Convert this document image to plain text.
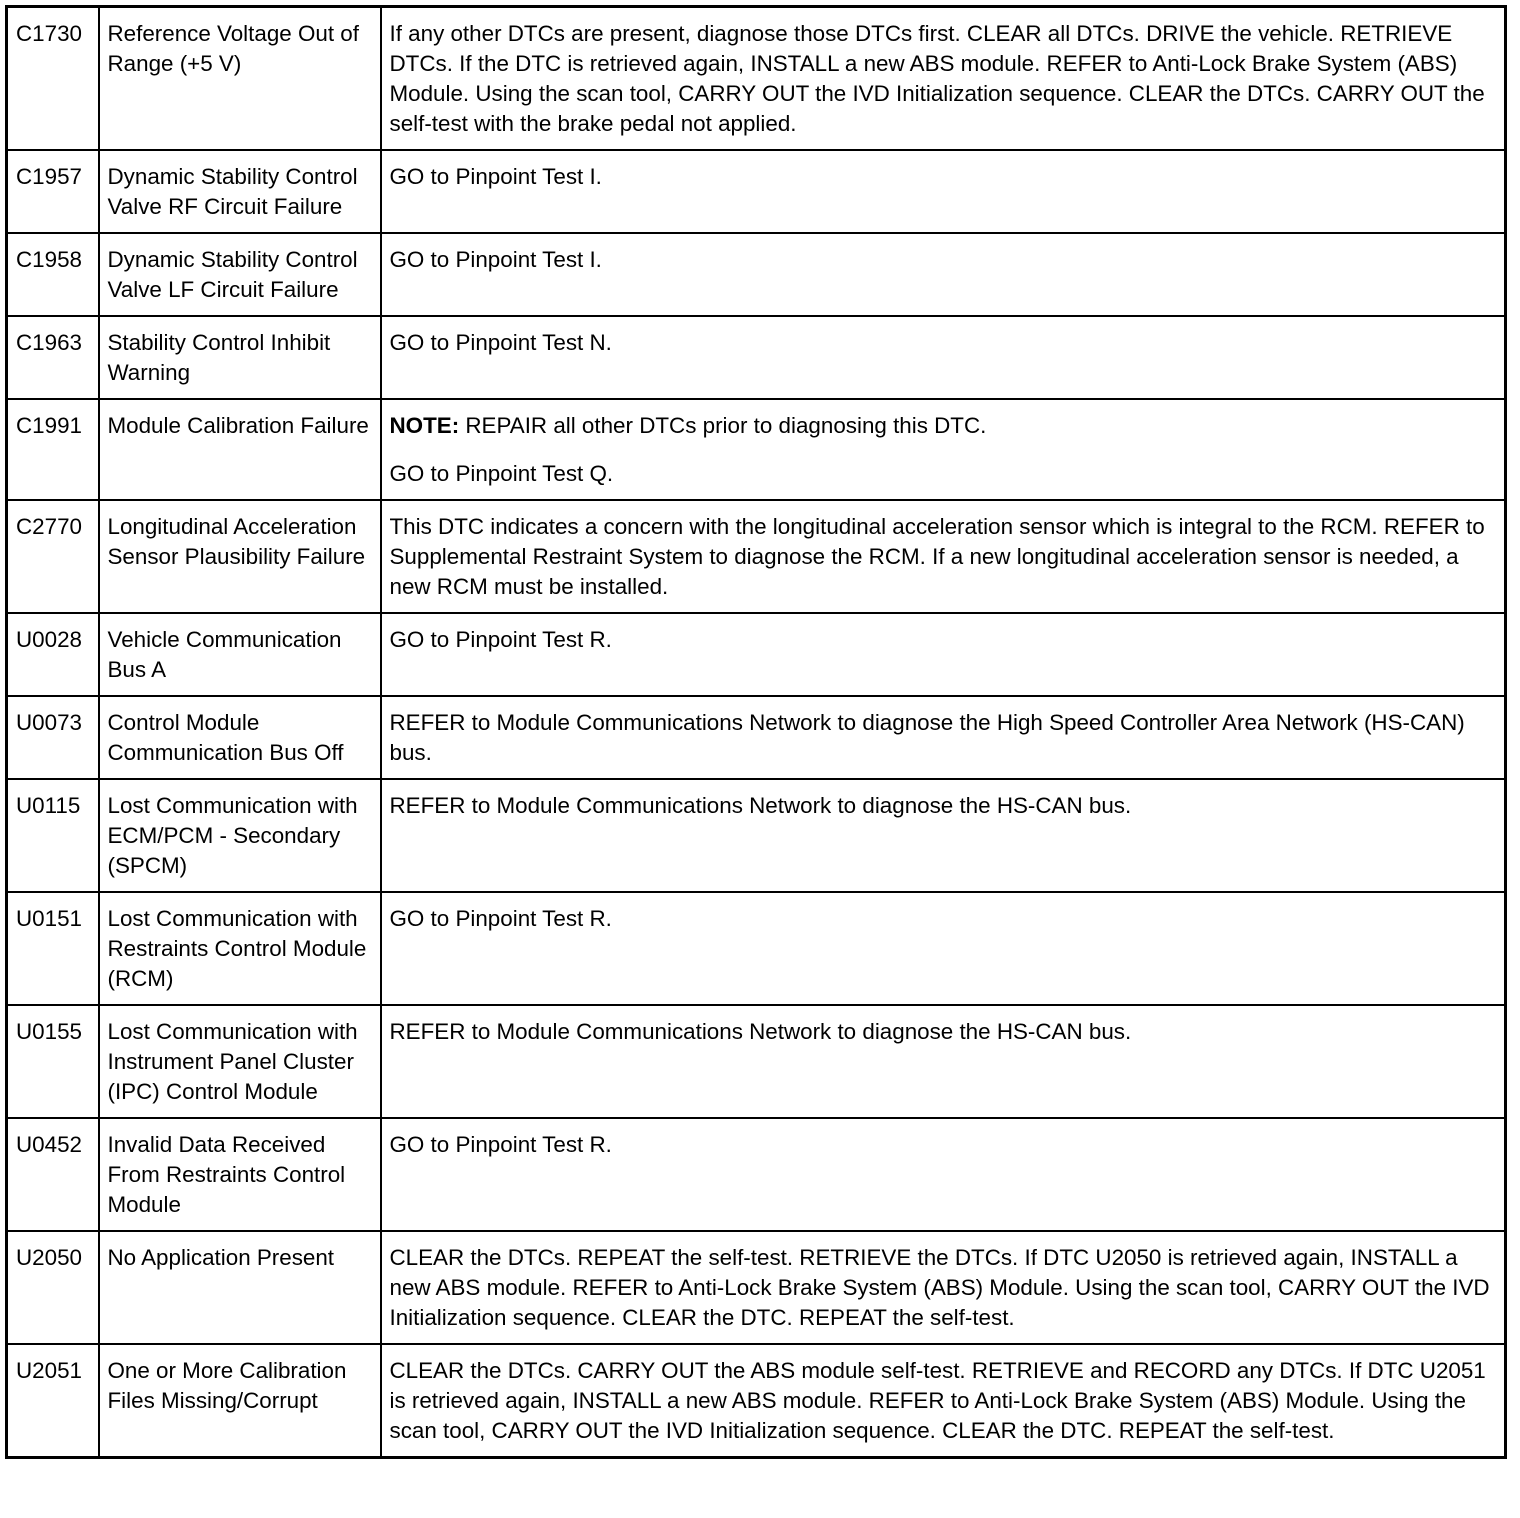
C1730	Reference Voltage Out of Range (+5 V)	If any other DTCs are present, diagnose those DTCs first. CLEAR all DTCs. DRIVE the vehicle. RETRIEVE DTCs. If the DTC is retrieved again, INSTALL a new ABS module. REFER to Anti-Lock Brake System (ABS) Module. Using the scan tool, CARRY OUT the IVD Initialization sequence. CLEAR the DTCs. CARRY OUT the self-test with the brake pedal not applied.
C1957	Dynamic Stability Control Valve RF Circuit Failure	GO to Pinpoint Test I.
C1958	Dynamic Stability Control Valve LF Circuit Failure	GO to Pinpoint Test I.
C1963	Stability Control Inhibit Warning	GO to Pinpoint Test N.
C1991	Module Calibration Failure	NOTE: REPAIR all other DTCs prior to diagnosing this DTC.
GO to Pinpoint Test Q.

C2770	Longitudinal Acceleration Sensor Plausibility Failure	This DTC indicates a concern with the longitudinal acceleration sensor which is integral to the RCM. REFER to Supplemental Restraint System to diagnose the RCM. If a new longitudinal acceleration sensor is needed, a new RCM must be installed.
U0028	Vehicle Communication Bus A	GO to Pinpoint Test R.
U0073	Control Module Communication Bus Off	REFER to Module Communications Network to diagnose the High Speed Controller Area Network (HS-CAN) bus.
U0115	Lost Communication with ECM/PCM - Secondary (SPCM)	REFER to Module Communications Network to diagnose the HS-CAN bus.
U0151	Lost Communication with Restraints Control Module (RCM)	GO to Pinpoint Test R.
U0155	Lost Communication with Instrument Panel Cluster (IPC) Control Module	REFER to Module Communications Network to diagnose the HS-CAN bus.
U0452	Invalid Data Received From Restraints Control Module	GO to Pinpoint Test R.
U2050	No Application Present	CLEAR the DTCs. REPEAT the self-test. RETRIEVE the DTCs. If DTC U2050 is retrieved again, INSTALL a new ABS module. REFER to Anti-Lock Brake System (ABS) Module. Using the scan tool, CARRY OUT the IVD Initialization sequence. CLEAR the DTC. REPEAT the self-test.
U2051	One or More Calibration Files Missing/Corrupt	CLEAR the DTCs. CARRY OUT the ABS module self-test. RETRIEVE and RECORD any DTCs. If DTC U2051 is retrieved again, INSTALL a new ABS module. REFER to Anti-Lock Brake System (ABS) Module. Using the scan tool, CARRY OUT the IVD Initialization sequence. CLEAR the DTC. REPEAT the self-test.
